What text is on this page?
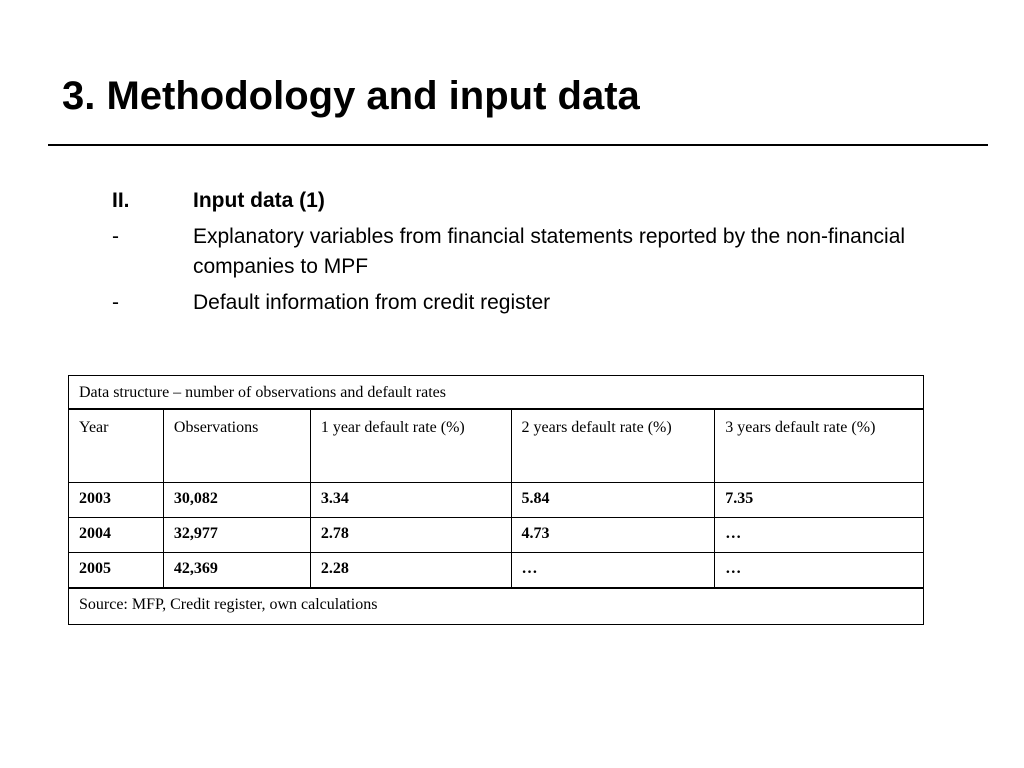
3. Methodology and input data
II.	Input data (1)
-	Explanatory variables from financial statements reported by the non-financial companies to MPF
-	Default information from credit register
Data structure – number of observations and default rates				
Year	Observations	1 year default rate (%)	2 years default rate (%)	3 years default rate (%)
2003	30,082	3.34	5.84	7.35
2004	32,977	2.78	4.73	…
2005	42,369	2.28	…	…
Source: MFP, Credit register, own calculations				
